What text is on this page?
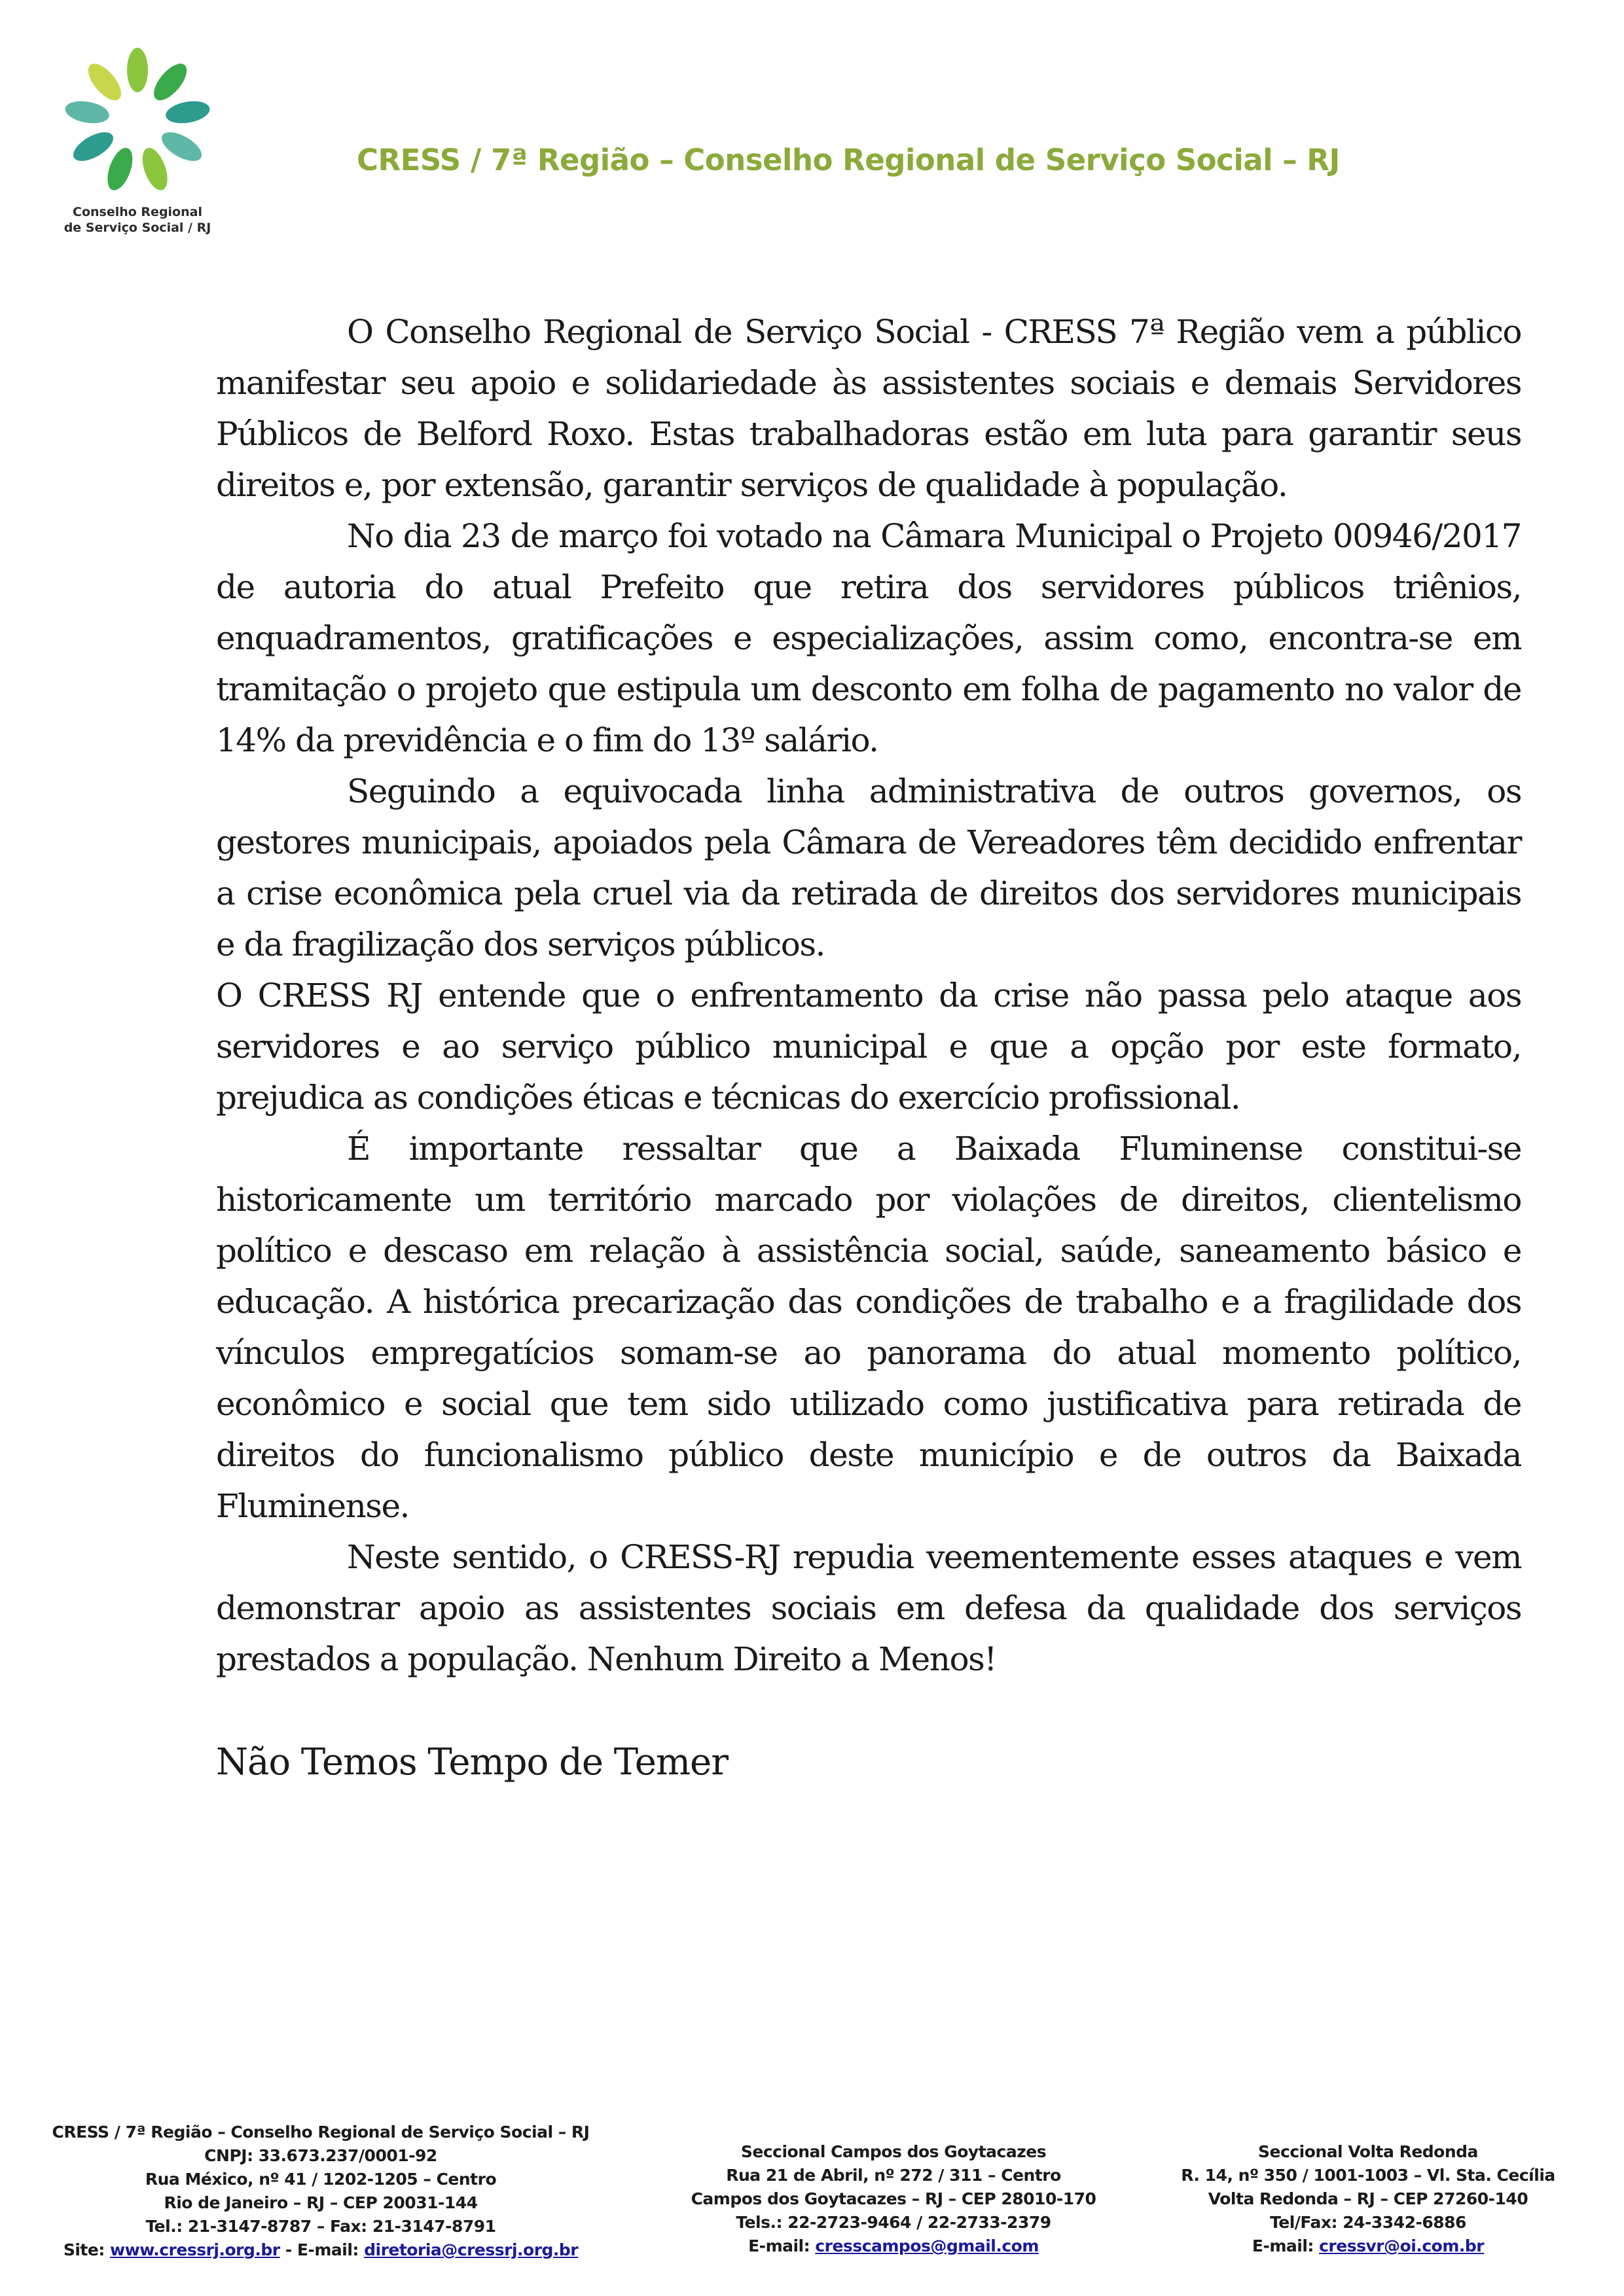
Conselho Regional
de Serviço Social / RJ
CRESS / 7ª Região – Conselho Regional de Serviço Social – RJ

O Conselho Regional de Serviço Social - CRESS 7ª Região vem a público manifestar seu apoio e solidariedade às assistentes sociais e demais Servidores Públicos de Belford Roxo. Estas trabalhadoras estão em luta para garantir seus direitos e, por extensão, garantir serviços de qualidade à população.

No dia 23 de março foi votado na Câmara Municipal o Projeto 00946/2017 de autoria do atual Prefeito que retira dos servidores públicos triênios, enquadramentos, gratificações e especializações, assim como, encontra-se em tramitação o projeto que estipula um desconto em folha de pagamento no valor de 14% da previdência e o fim do 13º salário.

Seguindo a equivocada linha administrativa de outros governos, os gestores municipais, apoiados pela Câmara de Vereadores têm decidido enfrentar a crise econômica pela cruel via da retirada de direitos dos servidores municipais e da fragilização dos serviços públicos.

O CRESS RJ entende que o enfrentamento da crise não passa pelo ataque aos servidores e ao serviço público municipal e que a opção por este formato, prejudica as condições éticas e técnicas do exercício profissional.

É importante ressaltar que a Baixada Fluminense constitui-se historicamente um território marcado por violações de direitos, clientelismo político e descaso em relação à assistência social, saúde, saneamento básico e educação. A histórica precarização das condições de trabalho e a fragilidade dos vínculos empregatícios somam-se ao panorama do atual momento político, econômico e social que tem sido utilizado como justificativa para retirada de direitos do funcionalismo público deste município e de outros da Baixada Fluminense.

Neste sentido, o CRESS-RJ repudia veementemente esses ataques e vem demonstrar apoio as assistentes sociais em defesa da qualidade dos serviços prestados a população. Nenhum Direito a Menos!

Não Temos Tempo de Temer
CRESS / 7ª Região – Conselho Regional de Serviço Social – RJ
CNPJ: 33.673.237/0001-92
Rua México, nº 41 / 1202-1205 – Centro
Rio de Janeiro – RJ – CEP 20031-144
Tel.: 21-3147-8787 – Fax: 21-3147-8791
Site: www.cressrj.org.br - E-mail: diretoria@cressrj.org.br
Seccional Campos dos Goytacazes
Rua 21 de Abril, nº 272 / 311 – Centro
Campos dos Goytacazes – RJ – CEP 28010-170
Tels.: 22-2723-9464 / 22-2733-2379
E-mail: cresscampos@gmail.com
Seccional Volta Redonda
R. 14, nº 350 / 1001-1003 – Vl. Sta. Cecília
Volta Redonda – RJ – CEP 27260-140
Tel/Fax: 24-3342-6886
E-mail: cressvr@oi.com.br
